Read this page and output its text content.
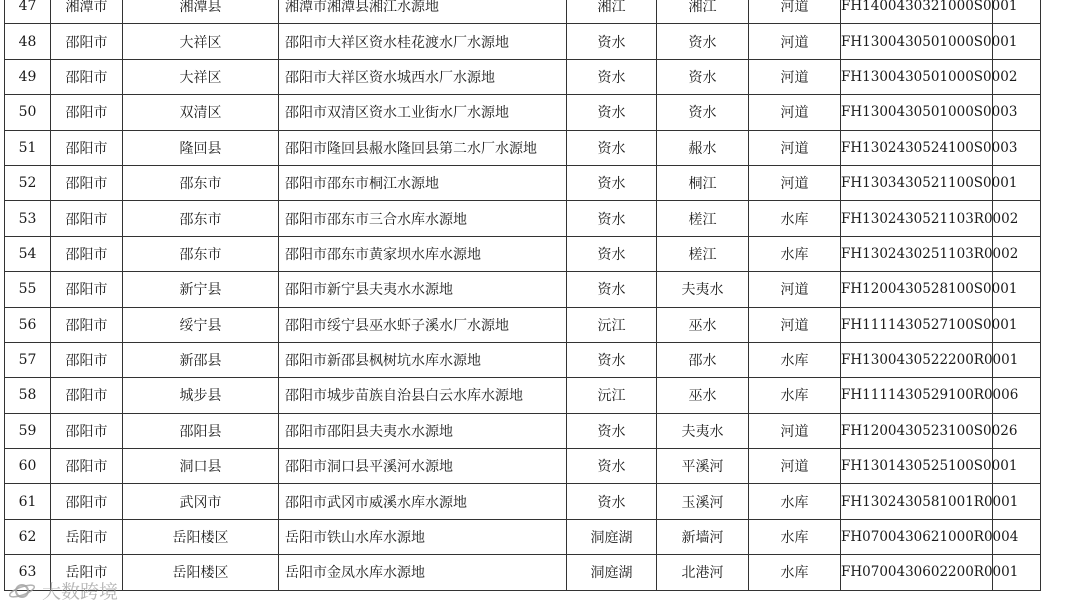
47	湘潭市	湘潭县	湘潭市湘潭县湘江水源地	湘江	湘江	河道	FH1400430321000S0001	
48	邵阳市	大祥区	邵阳市大祥区资水桂花渡水厂水源地	资水	资水	河道	FH1300430501000S0001	
49	邵阳市	大祥区	邵阳市大祥区资水城西水厂水源地	资水	资水	河道	FH1300430501000S0002	
50	邵阳市	双清区	邵阳市双清区资水工业街水厂水源地	资水	资水	河道	FH1300430501000S0003	
51	邵阳市	隆回县	邵阳市隆回县赧水隆回县第二水厂水源地	资水	赧水	河道	FH1302430524100S0003	
52	邵阳市	邵东市	邵阳市邵东市桐江水源地	资水	桐江	河道	FH1303430521100S0001	
53	邵阳市	邵东市	邵阳市邵东市三合水库水源地	资水	槎江	水库	FH1302430521103R0002	
54	邵阳市	邵东市	邵阳市邵东市黄家坝水库水源地	资水	槎江	水库	FH1302430251103R0002	
55	邵阳市	新宁县	邵阳市新宁县夫夷水水源地	资水	夫夷水	河道	FH1200430528100S0001	
56	邵阳市	绥宁县	邵阳市绥宁县巫水虾子溪水厂水源地	沅江	巫水	河道	FH1111430527100S0001	
57	邵阳市	新邵县	邵阳市新邵县枫树坑水库水源地	资水	邵水	水库	FH1300430522200R0001	
58	邵阳市	城步县	邵阳市城步苗族自治县白云水库水源地	沅江	巫水	水库	FH1111430529100R0006	
59	邵阳市	邵阳县	邵阳市邵阳县夫夷水水源地	资水	夫夷水	河道	FH1200430523100S0026	
60	邵阳市	洞口县	邵阳市洞口县平溪河水源地	资水	平溪河	河道	FH1301430525100S0001	
61	邵阳市	武冈市	邵阳市武冈市威溪水库水源地	资水	玉溪河	水库	FH1302430581001R0001	
62	岳阳市	岳阳楼区	岳阳市铁山水库水源地	洞庭湖	新墙河	水库	FH0700430621000R0004	
63	岳阳市	岳阳楼区	岳阳市金凤水库水源地	洞庭湖	北港河	水库	FH0700430602200R0001	
大数跨境
